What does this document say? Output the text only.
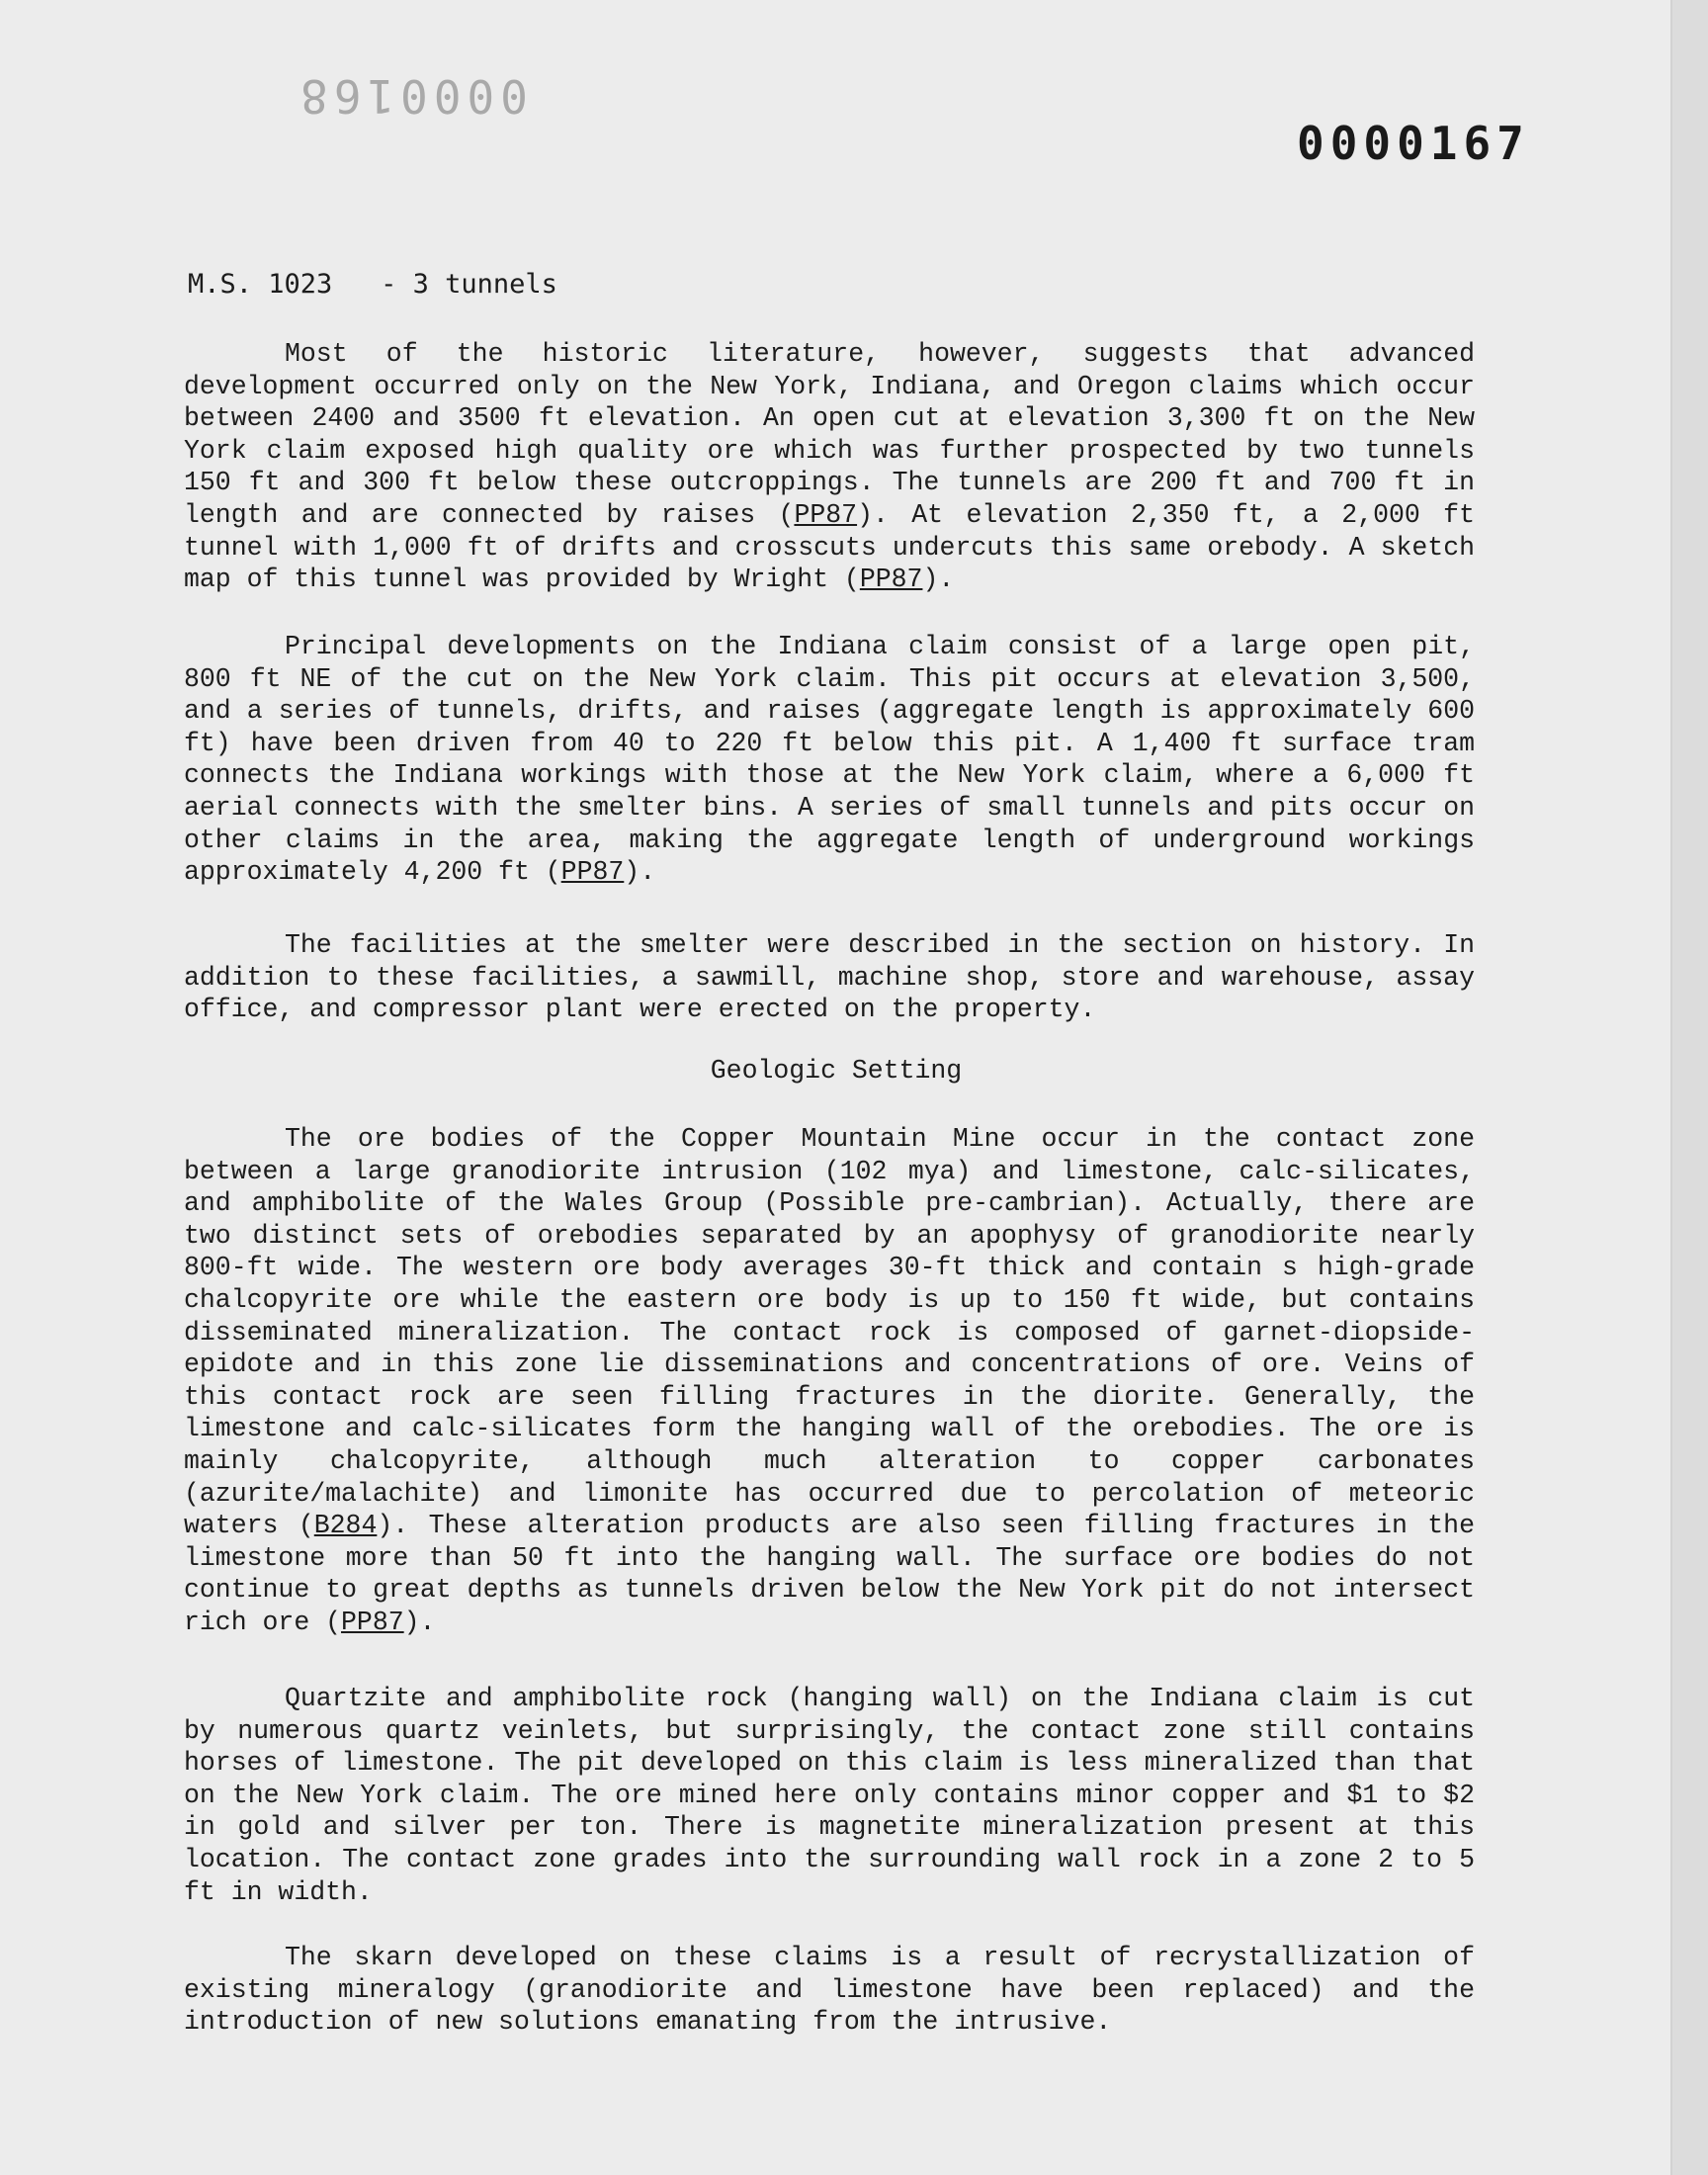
0000168
0000167
M.S. 1023 - 3 tunnels

Most of the historic literature, however, suggests that advanced development occurred only on the New York, Indiana, and Oregon claims which occur between 2400 and 3500 ft elevation. An open cut at elevation 3,300 ft on the New York claim exposed high quality ore which was further prospected by two tunnels 150 ft and 300 ft below these outcroppings. The tunnels are 200 ft and 700 ft in length and are connected by raises (PP87). At elevation 2,350 ft, a 2,000 ft tunnel with 1,000 ft of drifts and crosscuts undercuts this same orebody. A sketch map of this tunnel was provided by Wright (PP87).

Principal developments on the Indiana claim consist of a large open pit, 800 ft NE of the cut on the New York claim. This pit occurs at elevation 3,500, and a series of tunnels, drifts, and raises (aggregate length is approximately 600 ft) have been driven from 40 to 220 ft below this pit. A 1,400 ft surface tram connects the Indiana workings with those at the New York claim, where a 6,000 ft aerial connects with the smelter bins. A series of small tunnels and pits occur on other claims in the area, making the aggregate length of underground workings approximately 4,200 ft (PP87).

The facilities at the smelter were described in the section on history. In addition to these facilities, a sawmill, machine shop, store and warehouse, assay office, and compressor plant were erected on the property.

Geologic Setting

The ore bodies of the Copper Mountain Mine occur in the contact zone between a large granodiorite intrusion (102 mya) and limestone, calc-silicates, and amphibolite of the Wales Group (Possible pre-cambrian). Actually, there are two distinct sets of orebodies separated by an apophysy of granodiorite nearly 800-ft wide. The western ore body averages 30-ft thick and contain s high-grade chalcopyrite ore while the eastern ore body is up to 150 ft wide, but contains disseminated mineralization. The contact rock is composed of garnet-diopside-epidote and in this zone lie disseminations and concentrations of ore. Veins of this contact rock are seen filling fractures in the diorite. Generally, the limestone and calc-silicates form the hanging wall of the orebodies. The ore is mainly chalcopyrite, although much alteration to copper carbonates (azurite/malachite) and limonite has occurred due to percolation of meteoric waters (B284). These alteration products are also seen filling fractures in the limestone more than 50 ft into the hanging wall. The surface ore bodies do not continue to great depths as tunnels driven below the New York pit do not intersect rich ore (PP87).

Quartzite and amphibolite rock (hanging wall) on the Indiana claim is cut by numerous quartz veinlets, but surprisingly, the contact zone still contains horses of limestone. The pit developed on this claim is less mineralized than that on the New York claim. The ore mined here only contains minor copper and $1 to $2 in gold and silver per ton. There is magnetite mineralization present at this location. The contact zone grades into the surrounding wall rock in a zone 2 to 5 ft in width.

The skarn developed on these claims is a result of recrystallization of existing mineralogy (granodiorite and limestone have been replaced) and the introduction of new solutions emanating from the intrusive.
